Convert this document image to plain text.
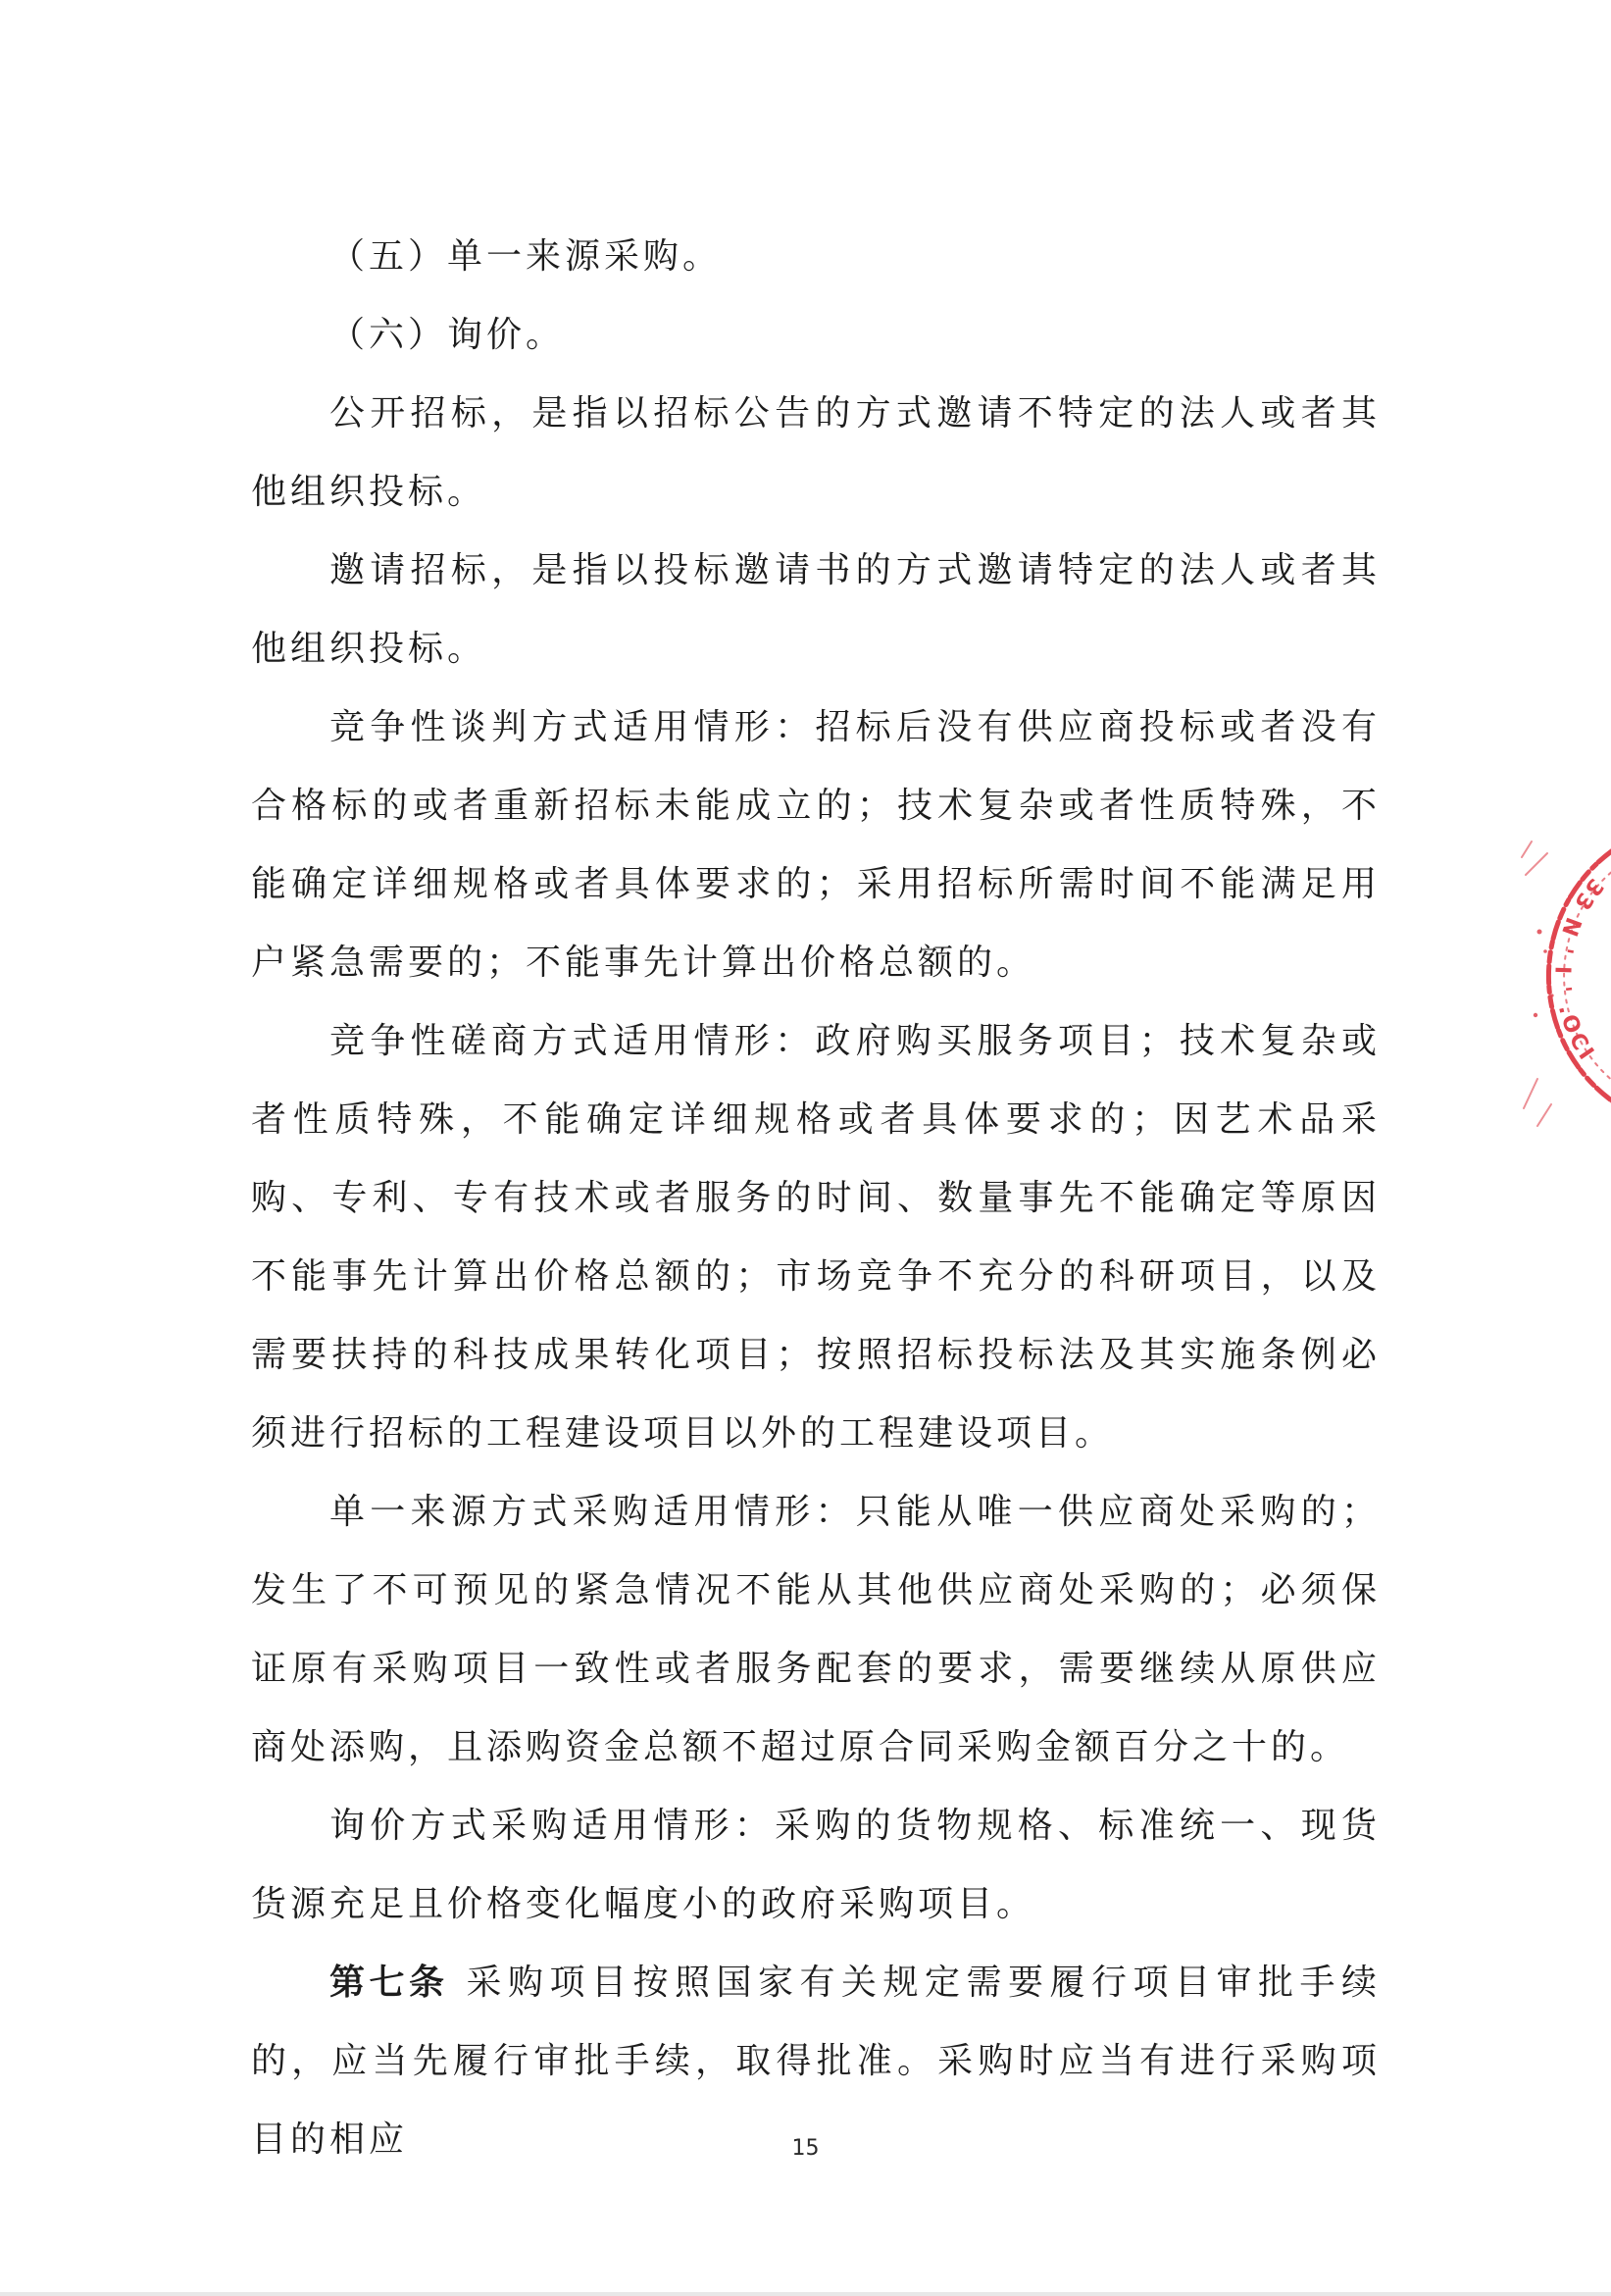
（五）单一来源采购。

（六）询价。

公开招标，是指以招标公告的方式邀请不特定的法人或者其他组织投标。

邀请招标，是指以投标邀请书的方式邀请特定的法人或者其他组织投标。

竞争性谈判方式适用情形：招标后没有供应商投标或者没有合格标的或者重新招标未能成立的；技术复杂或者性质特殊，不能确定详细规格或者具体要求的；采用招标所需时间不能满足用户紧急需要的；不能事先计算出价格总额的。

竞争性磋商方式适用情形：政府购买服务项目；技术复杂或者性质特殊，不能确定详细规格或者具体要求的；因艺术品采购、专利、专有技术或者服务的时间、数量事先不能确定等原因不能事先计算出价格总额的；市场竞争不充分的科研项目，以及需要扶持的科技成果转化项目；按照招标投标法及其实施条例必须进行招标的工程建设项目以外的工程建设项目。

单一来源方式采购适用情形：只能从唯一供应商处采购的；发生了不可预见的紧急情况不能从其他供应商处采购的；必须保证原有采购项目一致性或者服务配套的要求，需要继续从原供应商处添购，且添购资金总额不超过原合同采购金额百分之十的。

询价方式采购适用情形：采购的货物规格、标准统一、现货货源充足且价格变化幅度小的政府采购项目。

第七条 采购项目按照国家有关规定需要履行项目审批手续的，应当先履行审批手续，取得批准。采购时应当有进行采购项目的相应	15
33 N ' I ' .OCI
